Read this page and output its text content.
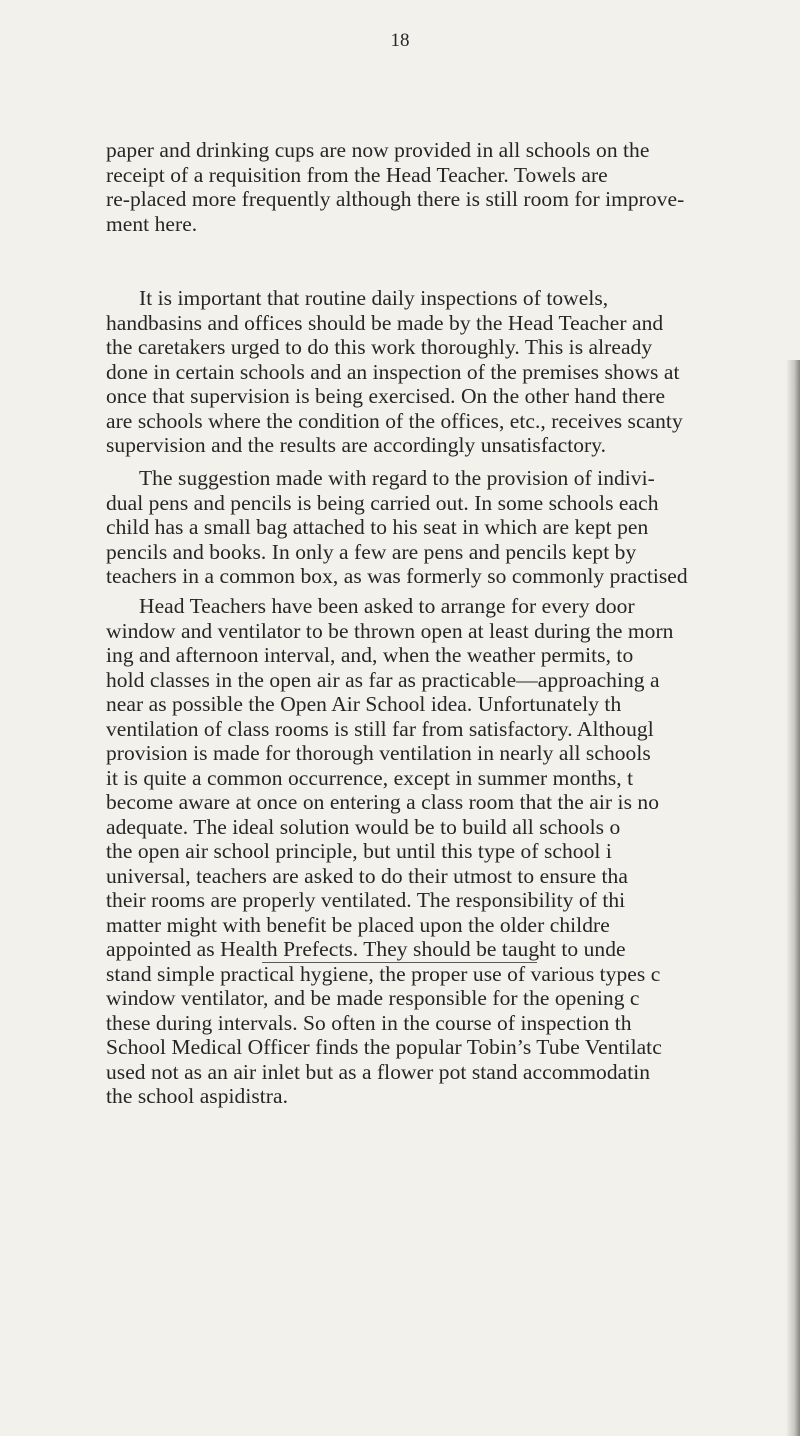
18

paper and drinking cups are now provided in all schools on the
receipt of a requisition from the Head Teacher. Towels are
re-placed more frequently although there is still room for improve-
ment here.

It is important that routine daily inspections of towels,
handbasins and offices should be made by the Head Teacher and
the caretakers urged to do this work thoroughly. This is already
done in certain schools and an inspection of the premises shows at
once that supervision is being exercised. On the other hand there
are schools where the condition of the offices, etc., receives scanty
supervision and the results are accordingly unsatisfactory.

The suggestion made with regard to the provision of indivi-
dual pens and pencils is being carried out. In some schools each
child has a small bag attached to his seat in which are kept pen
pencils and books. In only a few are pens and pencils kept by
teachers in a common box, as was formerly so commonly practised

Head Teachers have been asked to arrange for every door
window and ventilator to be thrown open at least during the morn
ing and afternoon interval, and, when the weather permits, to
hold classes in the open air as far as practicable—approaching a
near as possible the Open Air School idea. Unfortunately th
ventilation of class rooms is still far from satisfactory. Althougl
provision is made for thorough ventilation in nearly all schools
it is quite a common occurrence, except in summer months, t
become aware at once on entering a class room that the air is no
adequate. The ideal solution would be to build all schools o
the open air school principle, but until this type of school i
universal, teachers are asked to do their utmost to ensure tha
their rooms are properly ventilated. The responsibility of thi
matter might with benefit be placed upon the older childre
appointed as Health Prefects. They should be taught to unde
stand simple practical hygiene, the proper use of various types c
window ventilator, and be made responsible for the opening c
these during intervals. So often in the course of inspection th
School Medical Officer finds the popular Tobin’s Tube Ventilatc
used not as an air inlet but as a flower pot stand accommodatin
the school aspidistra.
